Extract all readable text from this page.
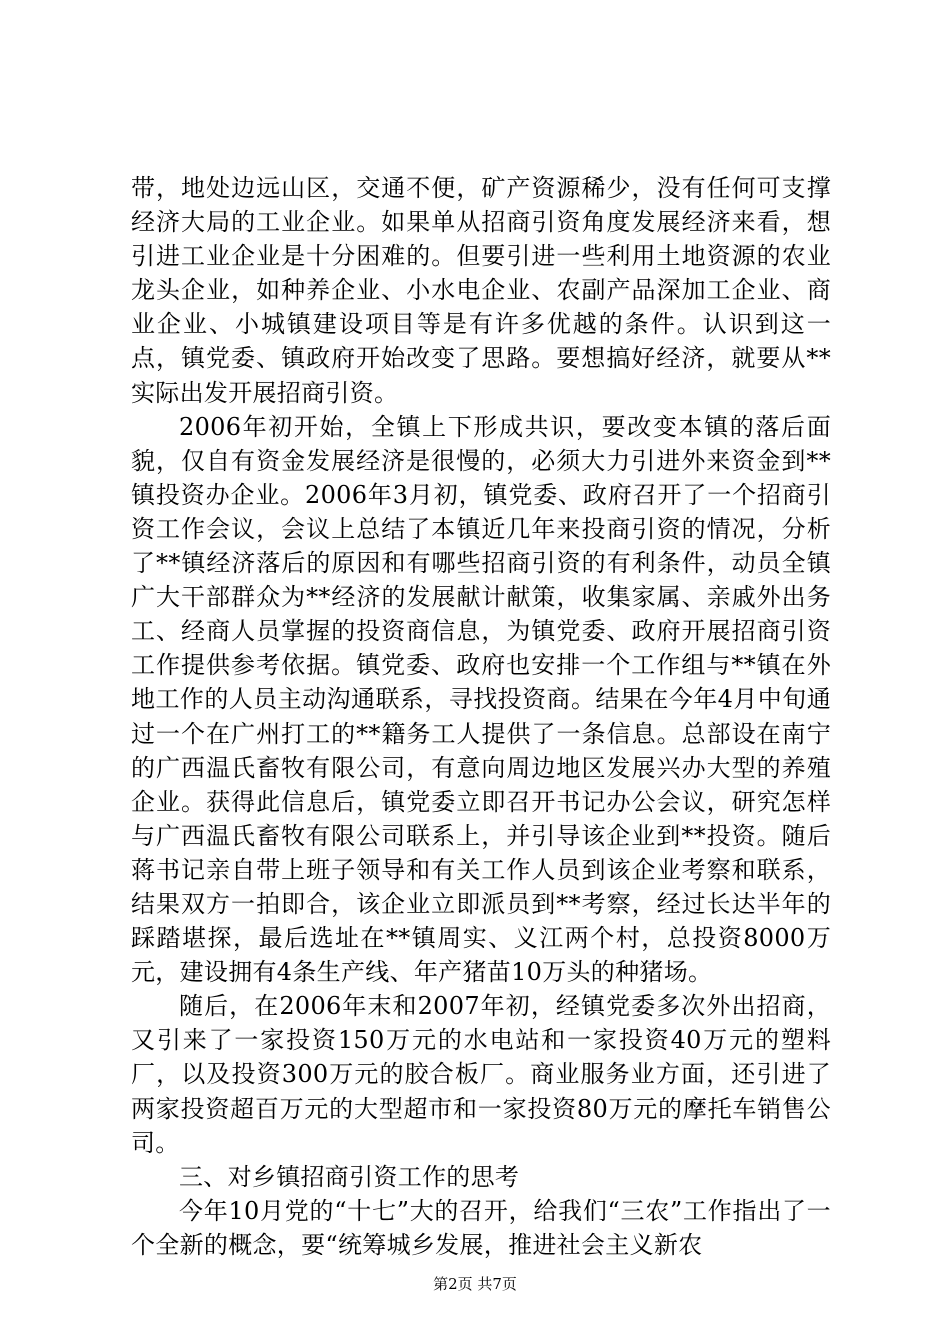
带，地处边远山区，交通不便，矿产资源稀少，没有任何可支撑经济大局的工业企业。如果单从招商引资角度发展经济来看，想引进工业企业是十分困难的。但要引进一些利用土地资源的农业龙头企业，如种养企业、小水电企业、农副产品深加工企业、商业企业、小城镇建设项目等是有许多优越的条件。认识到这一点，镇党委、镇政府开始改变了思路。要想搞好经济，就要从**实际出发开展招商引资。

2006年初开始，全镇上下形成共识，要改变本镇的落后面貌，仅自有资金发展经济是很慢的，必须大力引进外来资金到**镇投资办企业。2006年3月初，镇党委、政府召开了一个招商引资工作会议，会议上总结了本镇近几年来投商引资的情况，分析了**镇经济落后的原因和有哪些招商引资的有利条件，动员全镇广大干部群众为**经济的发展献计献策，收集家属、亲戚外出务工、经商人员掌握的投资商信息，为镇党委、政府开展招商引资工作提供参考依据。镇党委、政府也安排一个工作组与**镇在外地工作的人员主动沟通联系，寻找投资商。结果在今年4月中旬通过一个在广州打工的**籍务工人提供了一条信息。总部设在南宁的广西温氏畜牧有限公司，有意向周边地区发展兴办大型的养殖企业。获得此信息后，镇党委立即召开书记办公会议，研究怎样与广西温氏畜牧有限公司联系上，并引导该企业到**投资。随后蒋书记亲自带上班子领导和有关工作人员到该企业考察和联系，结果双方一拍即合，该企业立即派员到**考察，经过长达半年的踩踏堪探，最后选址在**镇周实、义江两个村，总投资8000万元，建设拥有4条生产线、年产猪苗10万头的种猪场。

随后，在2006年末和2007年初，经镇党委多次外出招商，又引来了一家投资150万元的水电站和一家投资40万元的塑料厂，以及投资300万元的胶合板厂。商业服务业方面，还引进了两家投资超百万元的大型超市和一家投资80万元的摩托车销售公司。

三、对乡镇招商引资工作的思考

今年10月党的“十七”大的召开，给我们“三农”工作指出了一个全新的概念，要“统筹城乡发展，推进社会主义新农

第2页 共7页
